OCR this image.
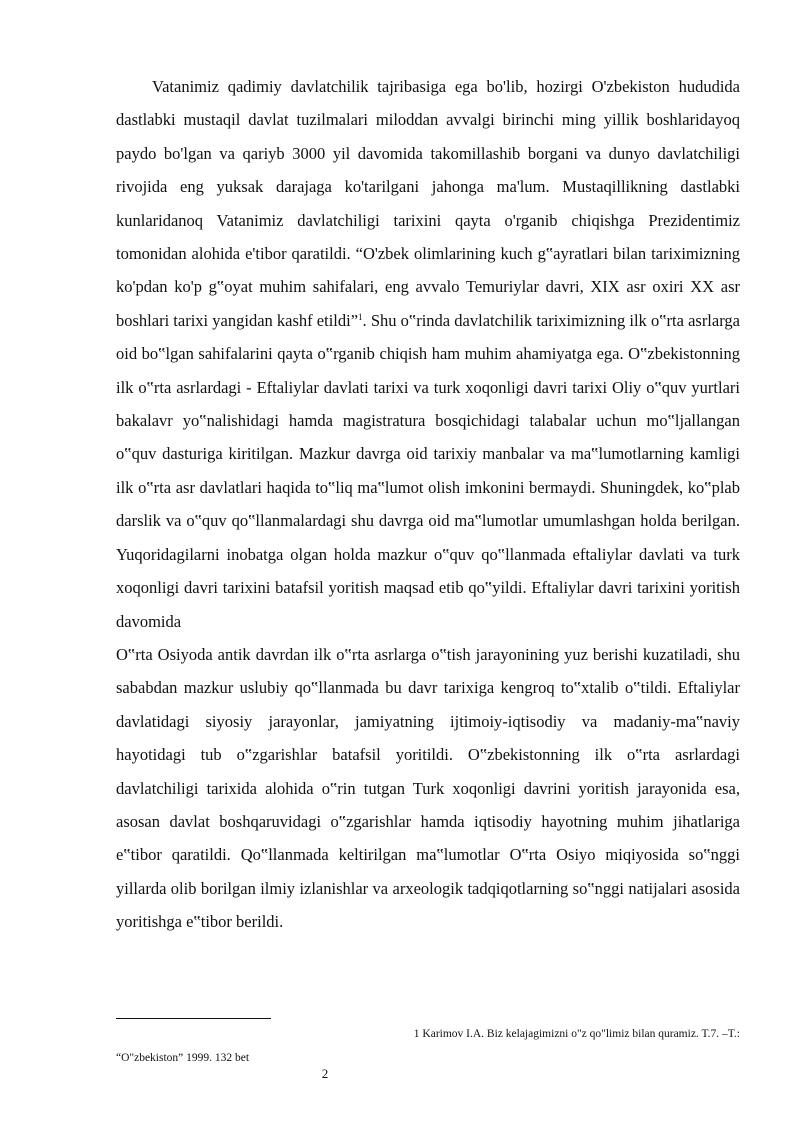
Vatanimiz qadimiy davlatchilik tajribasiga ega bo'lib, hozirgi O'zbekiston hududida dastlabki mustaqil davlat tuzilmalari miloddan avvalgi birinchi ming yillik boshlaridayoq paydo bo'lgan va qariyb 3000 yil davomida takomillashib borgani va dunyo davlatchiligi rivojida eng yuksak darajaga ko'tarilgani jahonga ma'lum. Mustaqillikning dastlabki kunlaridanoq Vatanimiz davlatchiligi tarixini qayta o'rganib chiqishga Prezidentimiz tomonidan alohida e'tibor qaratildi. “O'zbek olimlarining kuch g‟ayratlari bilan tariximizning ko'pdan ko'p g‟oyat muhim sahifalari, eng avvalo Temuriylar davri, XIX asr oxiri XX asr boshlari tarixi yangidan kashf etildi”$^1$. Shu o‟rinda davlatchilik tariximizning ilk o‟rta asrlarga oid bo‟lgan sahifalarini qayta o‟rganib chiqish ham muhim ahamiyatga ega. O‟zbekistonning ilk o‟rta asrlardagi - Eftaliylar davlati tarixi va turk xoqonligi davri tarixi Oliy o‟quv yurtlari bakalavr yo‟nalishidagi hamda magistratura bosqichidagi talabalar uchun mo‟ljallangan o‟quv dasturiga kiritilgan. Mazkur davrga oid tarixiy manbalar va ma‟lumotlarning kamligi ilk o‟rta asr davlatlari haqida to‟liq ma‟lumot olish imkonini bermaydi. Shuningdek, ko‟plab darslik va o‟quv qo‟llanmalardagi shu davrga oid ma‟lumotlar umumlashgan holda berilgan. Yuqoridagilarni inobatga olgan holda mazkur o‟quv qo‟llanmada eftaliylar davlati va turk xoqonligi davri tarixini batafsil yoritish maqsad etib qo‟yildi. Eftaliylar davri tarixini yoritish davomida

O‟rta Osiyoda antik davrdan ilk o‟rta asrlarga o‟tish jarayonining yuz berishi kuzatiladi, shu sababdan mazkur uslubiy qo‟llanmada bu davr tarixiga kengroq to‟xtalib o‟tildi. Eftaliylar davlatidagi siyosiy jarayonlar, jamiyatning ijtimoiy-iqtisodiy va madaniy-ma‟naviy hayotidagi tub o‟zgarishlar batafsil yoritildi. O‟zbekistonning ilk o‟rta asrlardagi davlatchiligi tarixida alohida o‟rin tutgan Turk xoqonligi davrini yoritish jarayonida esa, asosan davlat boshqaruvidagi o‟zgarishlar hamda iqtisodiy hayotning muhim jihatlariga e‟tibor qaratildi. Qo‟llanmada keltirilgan ma‟lumotlar O‟rta Osiyo miqiyosida so‟nggi yillarda olib borilgan ilmiy izlanishlar va arxeologik tadqiqotlarning so‟nggi natijalari asosida yoritishga e‟tibor berildi.

1 Karimov I.A. Biz kelajagimizni o"z qo"limiz bilan quramiz. T.7. –T.:
“O"zbekiston” 1999. 132 bet
2
